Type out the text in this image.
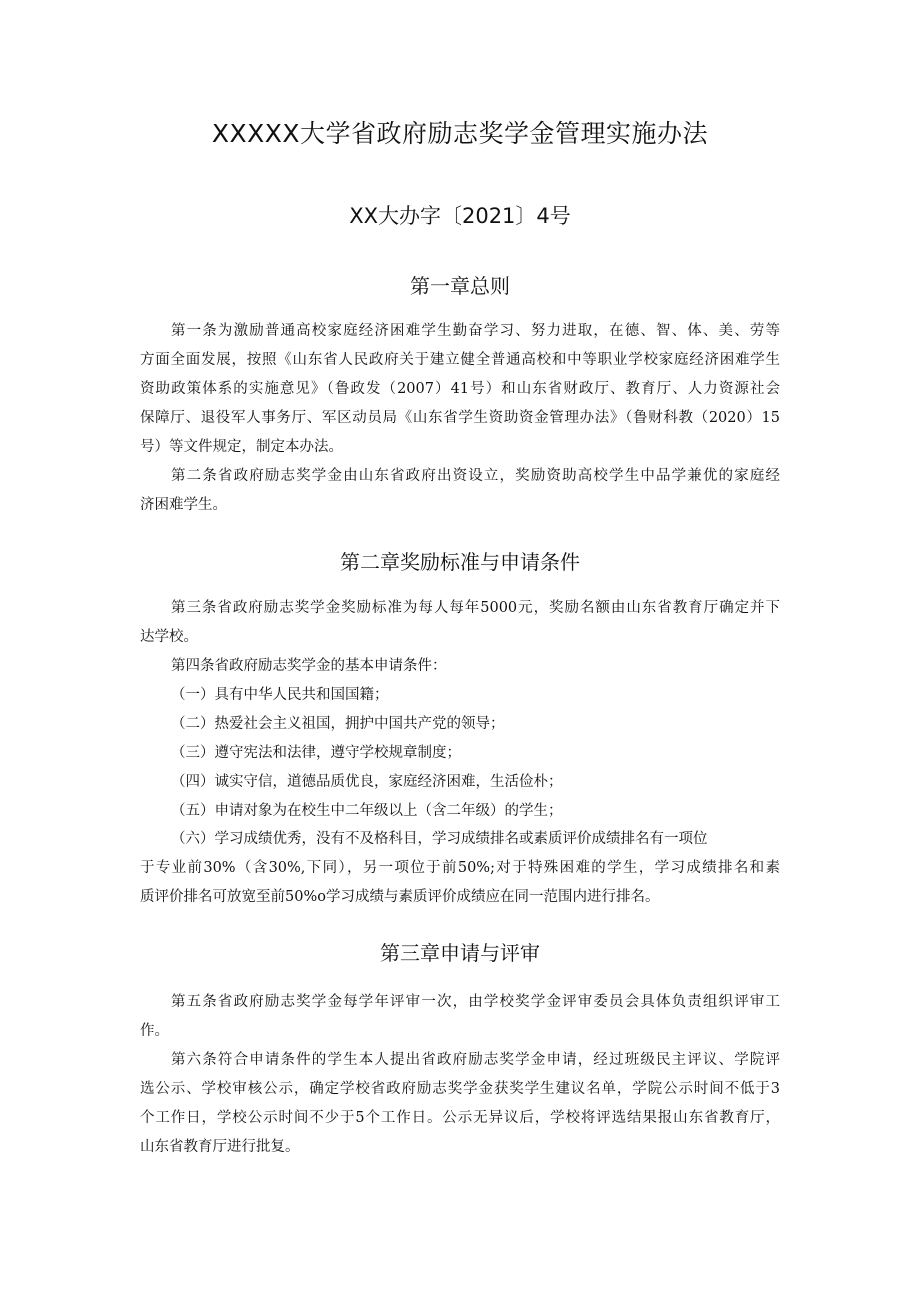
XXXXX大学省政府励志奖学金管理实施办法
XX大办字〔2021〕4号
第一章总则
第一条为激励普通高校家庭经济困难学生勤奋学习、努力进取，在德、智、体、美、劳等
方面全面发展，按照《山东省人民政府关于建立健全普通高校和中等职业学校家庭经济困难学生
资助政策体系的实施意见》（鲁政发（2007）41号）和山东省财政厅、教育厅、人力资源社会
保障厅、退役军人事务厅、军区动员局《山东省学生资助资金管理办法》（鲁财科教（2020）15
号）等文件规定，制定本办法。
第二条省政府励志奖学金由山东省政府出资设立，奖励资助高校学生中品学兼优的家庭经
济困难学生。
第二章奖励标准与申请条件
第三条省政府励志奖学金奖励标准为每人每年5000元，奖励名额由山东省教育厅确定并下
达学校。
第四条省政府励志奖学金的基本申请条件：
（一）具有中华人民共和国国籍；
（二）热爱社会主义祖国，拥护中国共产党的领导；
（三）遵守宪法和法律，遵守学校规章制度；
（四）诚实守信，道德品质优良，家庭经济困难，生活俭朴；
（五）申请对象为在校生中二年级以上（含二年级）的学生；
（六）学习成绩优秀，没有不及格科目，学习成绩排名或素质评价成绩排名有一项位
于专业前30%（含30%,下同），另一项位于前50%;对于特殊困难的学生，学习成绩排名和素
质评价排名可放宽至前50%o学习成绩与素质评价成绩应在同一范围内进行排名。
第三章申请与评审
第五条省政府励志奖学金每学年评审一次，由学校奖学金评审委员会具体负责组织评审工
作。
第六条符合申请条件的学生本人提出省政府励志奖学金申请，经过班级民主评议、学院评
选公示、学校审核公示，确定学校省政府励志奖学金获奖学生建议名单，学院公示时间不低于3
个工作日，学校公示时间不少于5个工作日。公示无异议后，学校将评选结果报山东省教育厅，
山东省教育厅进行批复。
